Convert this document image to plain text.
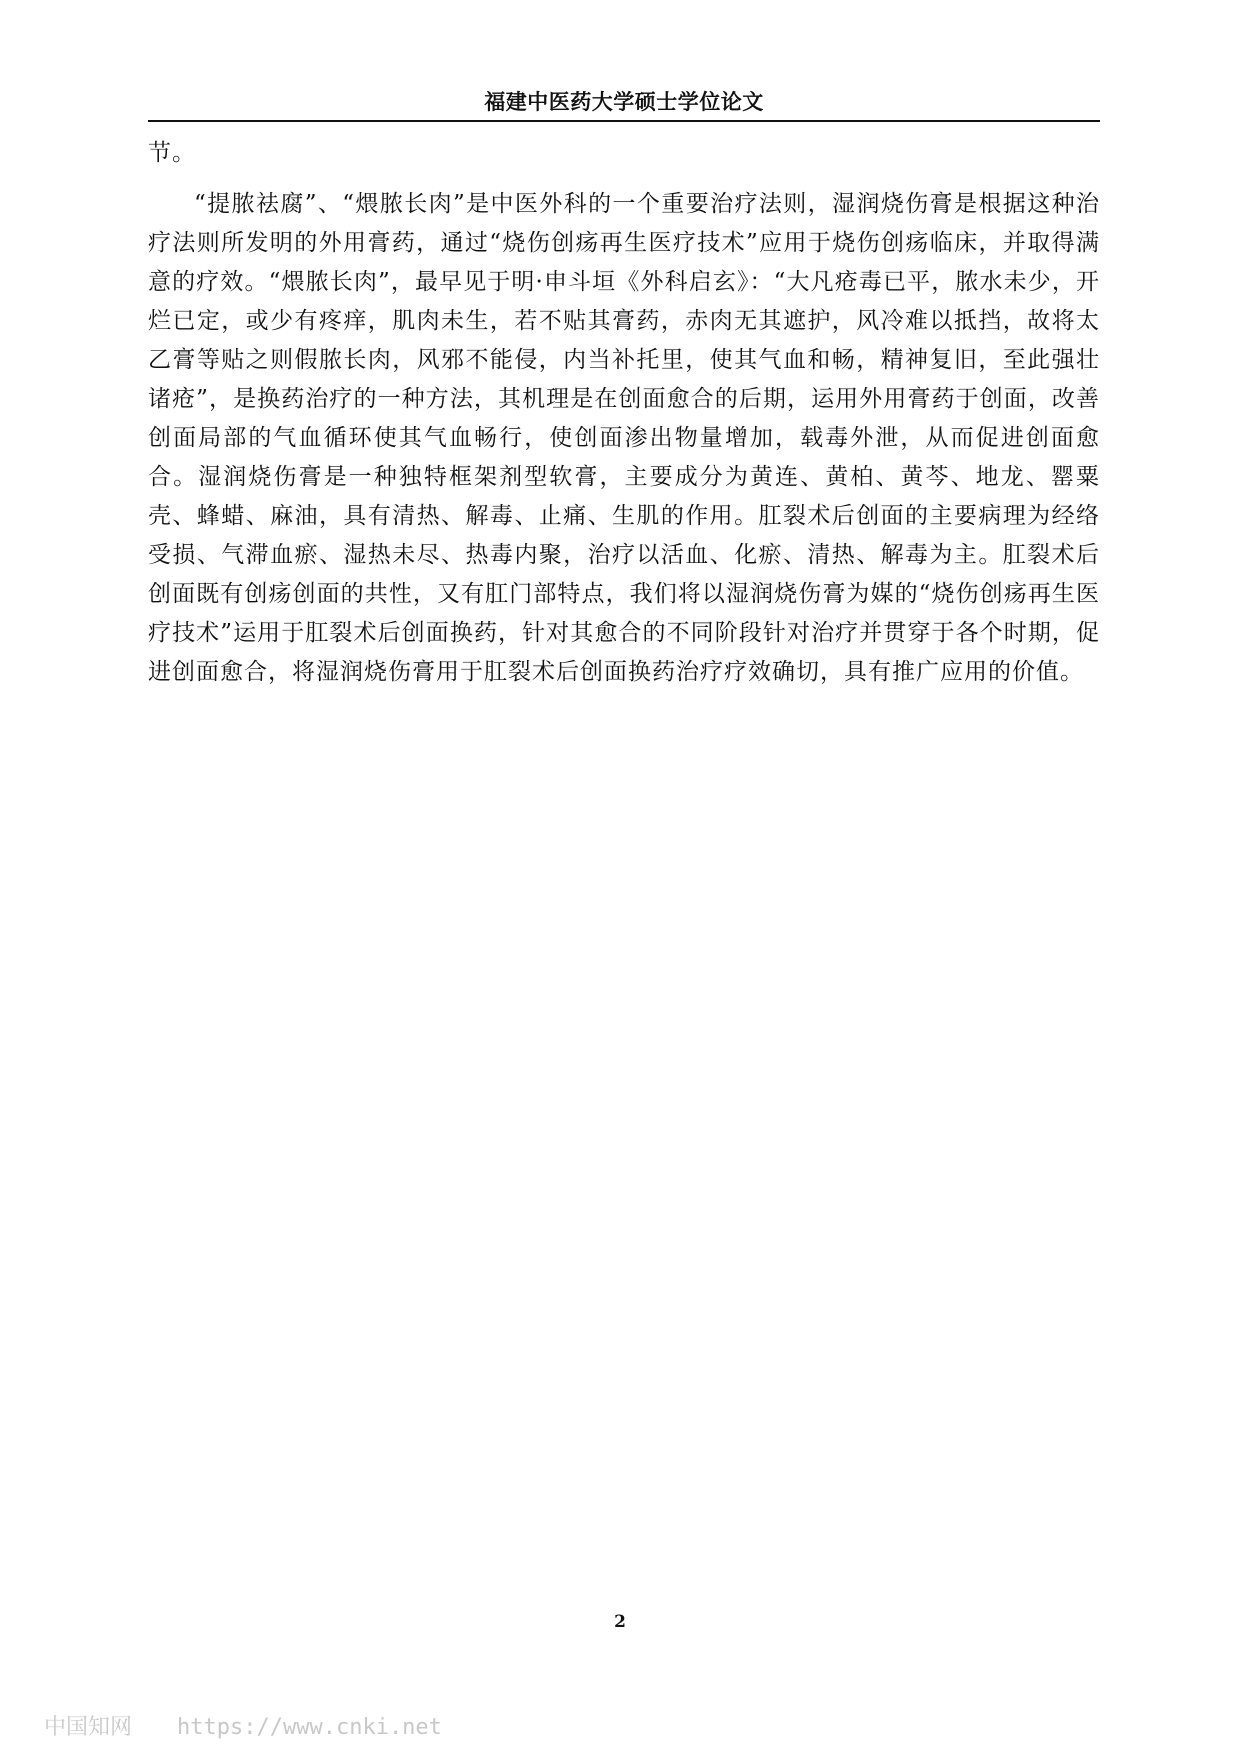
福建中医药大学硕士学位论文

节。

“提脓祛腐”、“煨脓长肉”是中医外科的一个重要治疗法则，湿润烧伤膏是根据这种治疗法则所发明的外用膏药，通过“烧伤创疡再生医疗技术”应用于烧伤创疡临床，并取得满意的疗效。“煨脓长肉”，最早见于明·申斗垣《外科启玄》：“大凡疮毒已平，脓水未少，开烂已定，或少有疼痒，肌肉未生，若不贴其膏药，赤肉无其遮护，风冷难以抵挡，故将太乙膏等贴之则假脓长肉，风邪不能侵，内当补托里，使其气血和畅，精神复旧，至此强壮诸疮”，是换药治疗的一种方法，其机理是在创面愈合的后期，运用外用膏药于创面，改善创面局部的气血循环使其气血畅行，使创面渗出物量增加，载毒外泄，从而促进创面愈合。湿润烧伤膏是一种独特框架剂型软膏，主要成分为黄连、黄柏、黄芩、地龙、罂粟壳、蜂蜡、麻油，具有清热、解毒、止痛、生肌的作用。肛裂术后创面的主要病理为经络受损、气滞血瘀、湿热未尽、热毒内聚，治疗以活血、化瘀、清热、解毒为主。肛裂术后创面既有创疡创面的共性，又有肛门部特点，我们将以湿润烧伤膏为媒的“烧伤创疡再生医疗技术”运用于肛裂术后创面换药，针对其愈合的不同阶段针对治疗并贯穿于各个时期，促进创面愈合，将湿润烧伤膏用于肛裂术后创面换药治疗疗效确切，具有推广应用的价值。

2
中国知网 https://www.cnki.net
